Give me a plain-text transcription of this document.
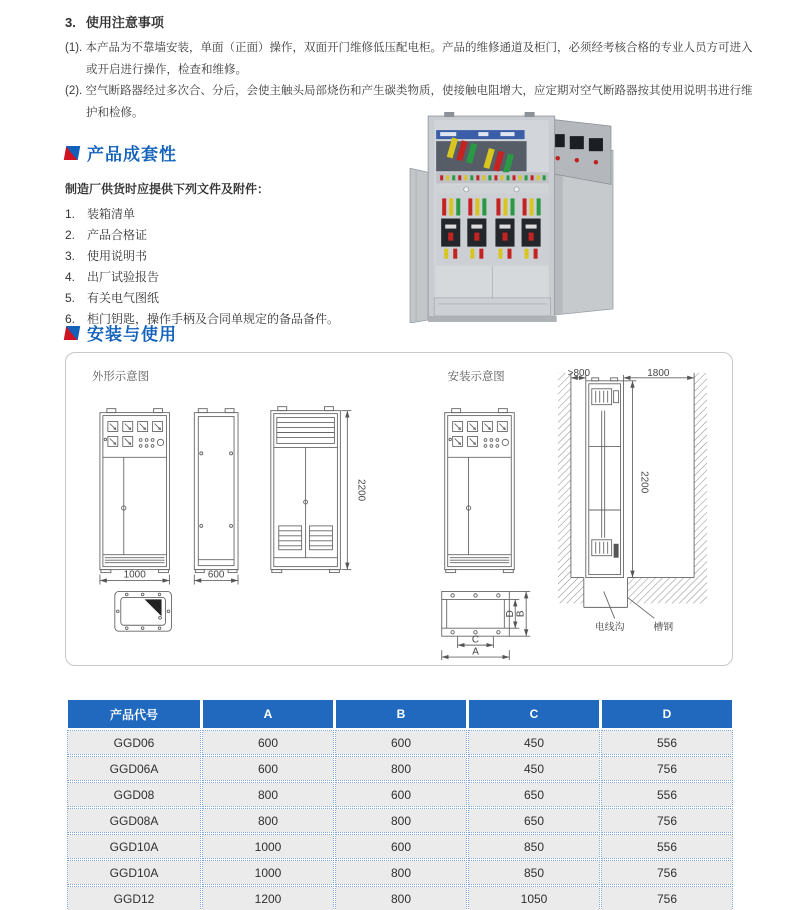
3. 使用注意事项

(1). 本产品为不靠墙安装，单面（正面）操作，双面开门维修低压配电柜。产品的维修通道及柜门，必须经考核合格的专业人员方可进入或开启进行操作，检查和维修。

(2). 空气断路器经过多次合、分后，会使主触头局部烧伤和产生碳类物质，使接触电阻增大，应定期对空气断路器按其使用说明书进行维护和检修。

产品成套性
制造厂供货时应提供下列文件及附件：
1. 装箱清单
2. 产品合格证
3. 使用说明书
4. 出厂试验报告
5. 有关电气图纸
6. 柜门钥匙，操作手柄及合同单规定的备品备件。
安装与使用
外形示意图
1000	600
2200
安装示意图
C
A
D B
>800	1800
2200
电线沟	槽钢
产品代号	A	B	C	D
GGD06	600	600	450	556
GGD06A	600	800	450	756
GGD08	800	600	650	556
GGD08A	800	800	650	756
GGD10A	1000	600	850	556
GGD10A	1000	800	850	756
GGD12	1200	800	1050	756
